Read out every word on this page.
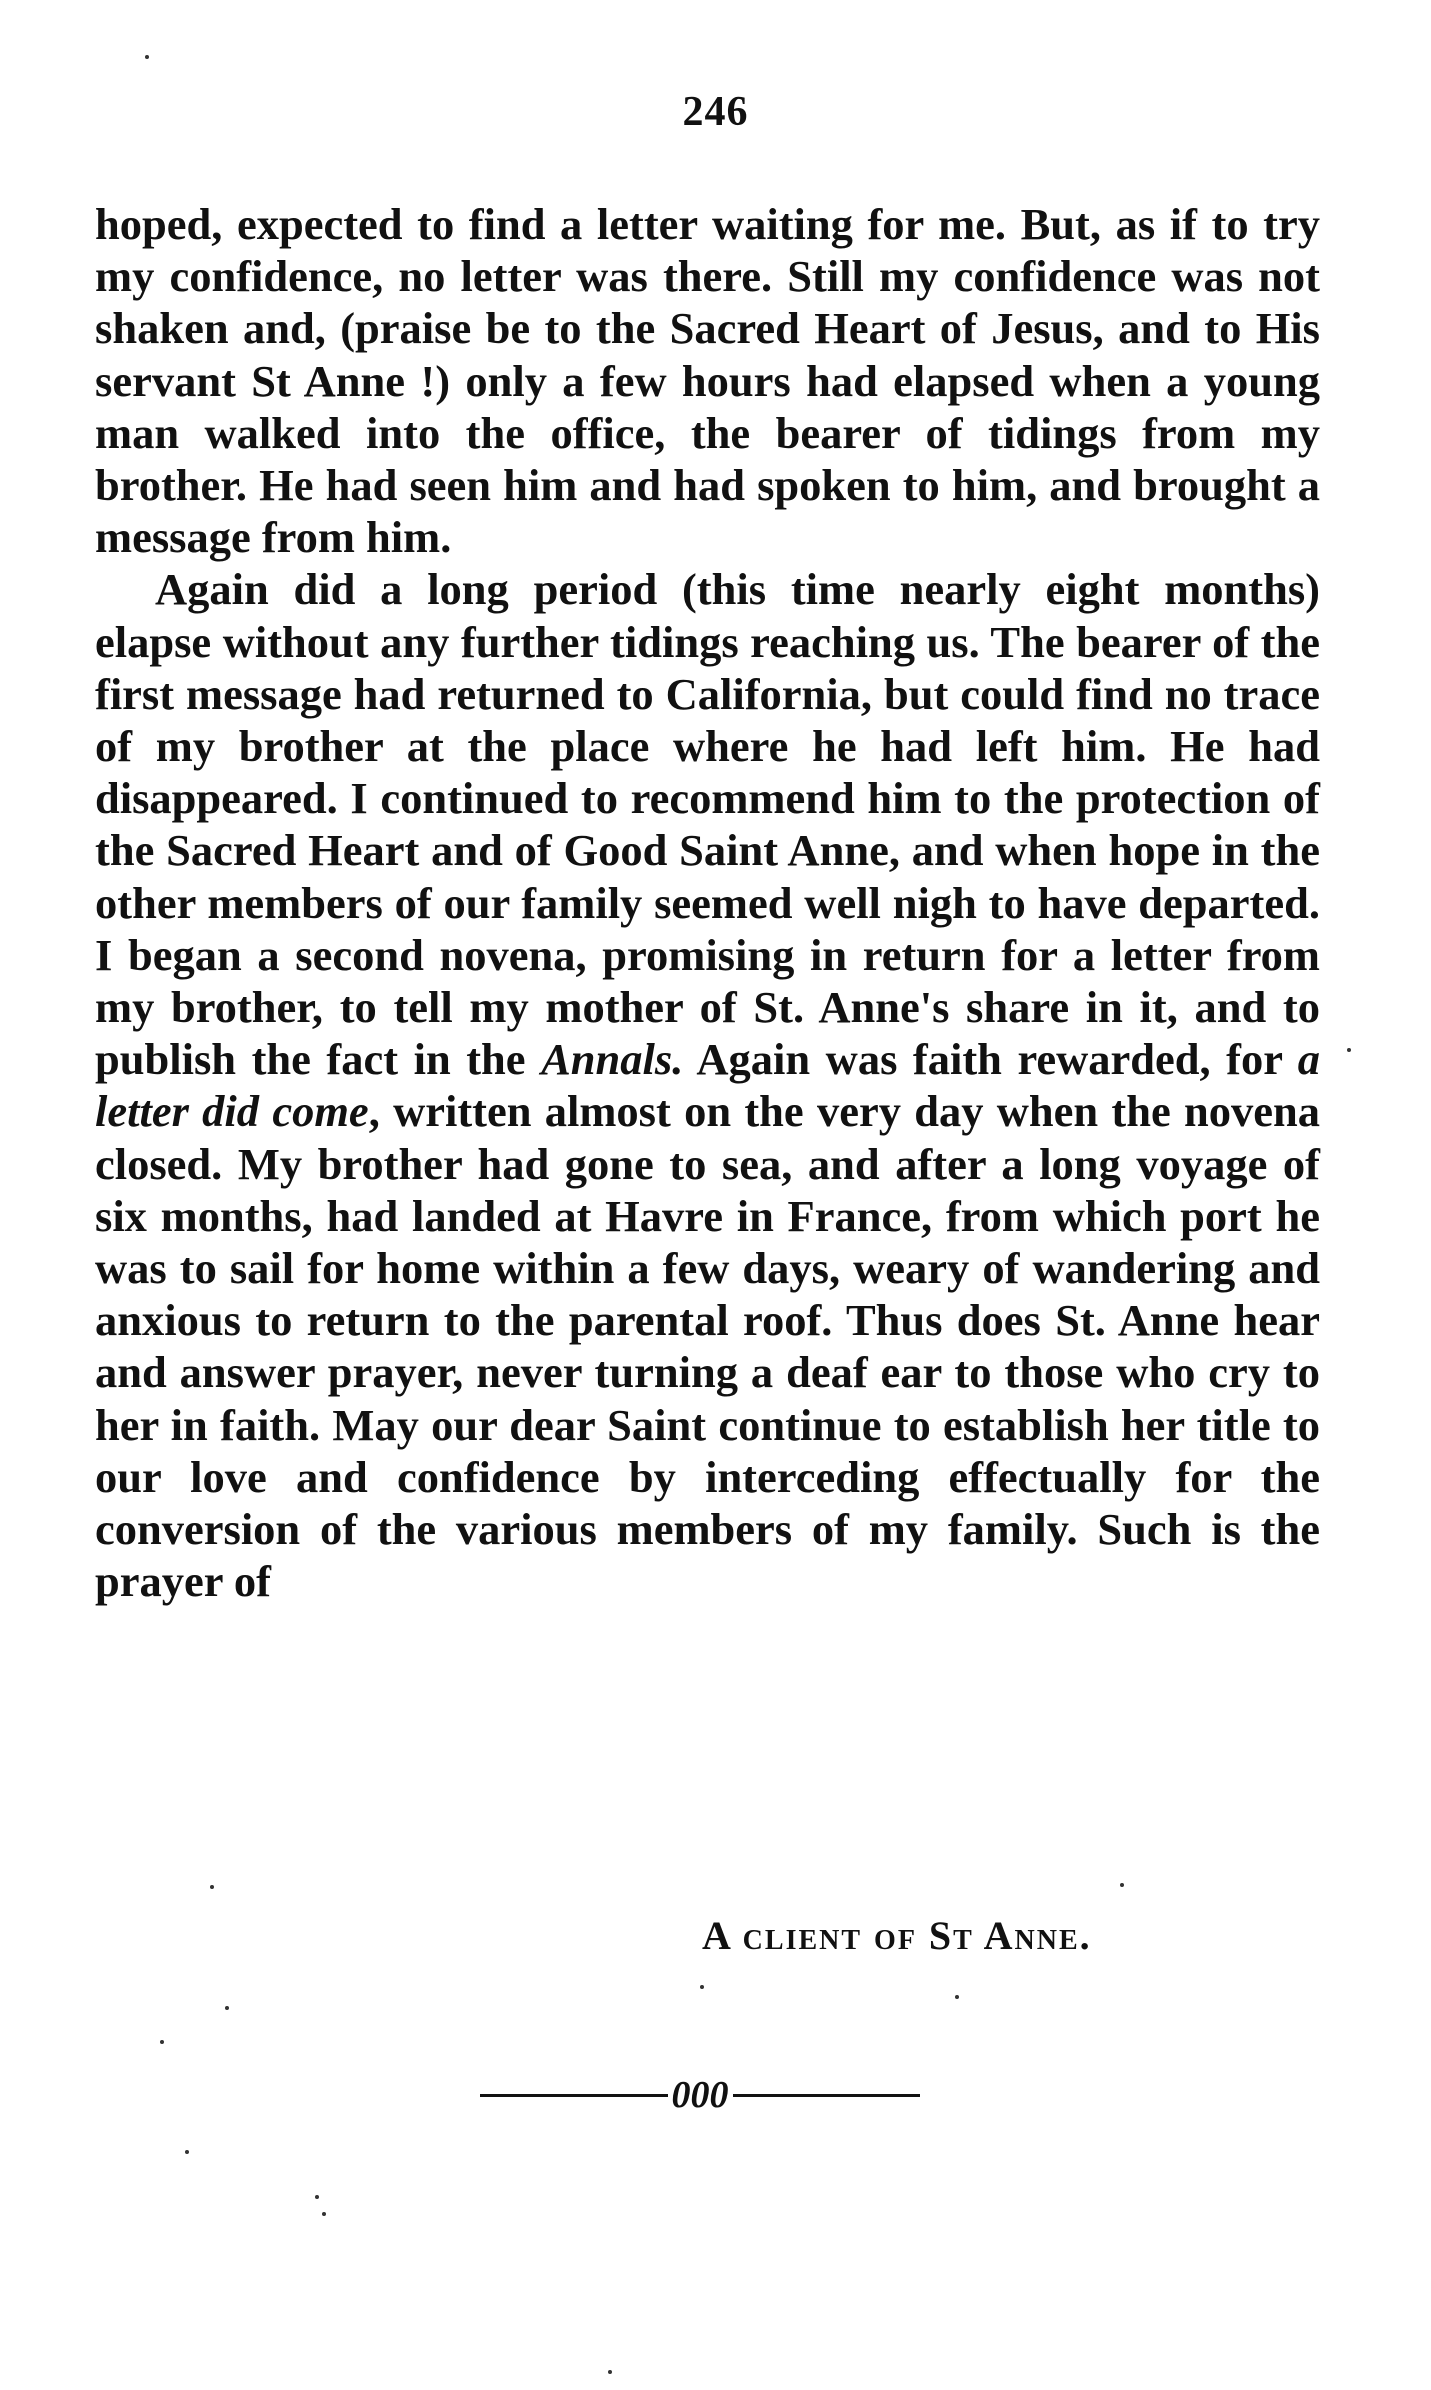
246

hoped, expected to find a letter waiting for me. But, as if to try my confidence, no letter was there. Still my confidence was not shaken and, (praise be to the Sacred Heart of Jesus, and to His servant St Anne !) only a few hours had elapsed when a young man walked into the office, the bearer of tidings from my brother. He had seen him and had spoken to him, and brought a message from him.

Again did a long period (this time nearly eight months) elapse without any further tidings reaching us. The bearer of the first message had returned to California, but could find no trace of my brother at the place where he had left him. He had disappeared. I continued to recommend him to the protection of the Sacred Heart and of Good Saint Anne, and when hope in the other members of our family seemed well nigh to have departed. I began a second novena, promising in return for a letter from my brother, to tell my mother of St. Anne's share in it, and to publish the fact in the Annals. Again was faith rewarded, for a letter did come, written almost on the very day when the novena closed. My brother had gone to sea, and after a long voyage of six months, had landed at Havre in France, from which port he was to sail for home within a few days, weary of wandering and anxious to return to the parental roof. Thus does St. Anne hear and answer prayer, never turning a deaf ear to those who cry to her in faith. May our dear Saint continue to establish her title to our love and confidence by interceding effectually for the conversion of the various members of my family. Such is the prayer of

A client of St Anne.
000
